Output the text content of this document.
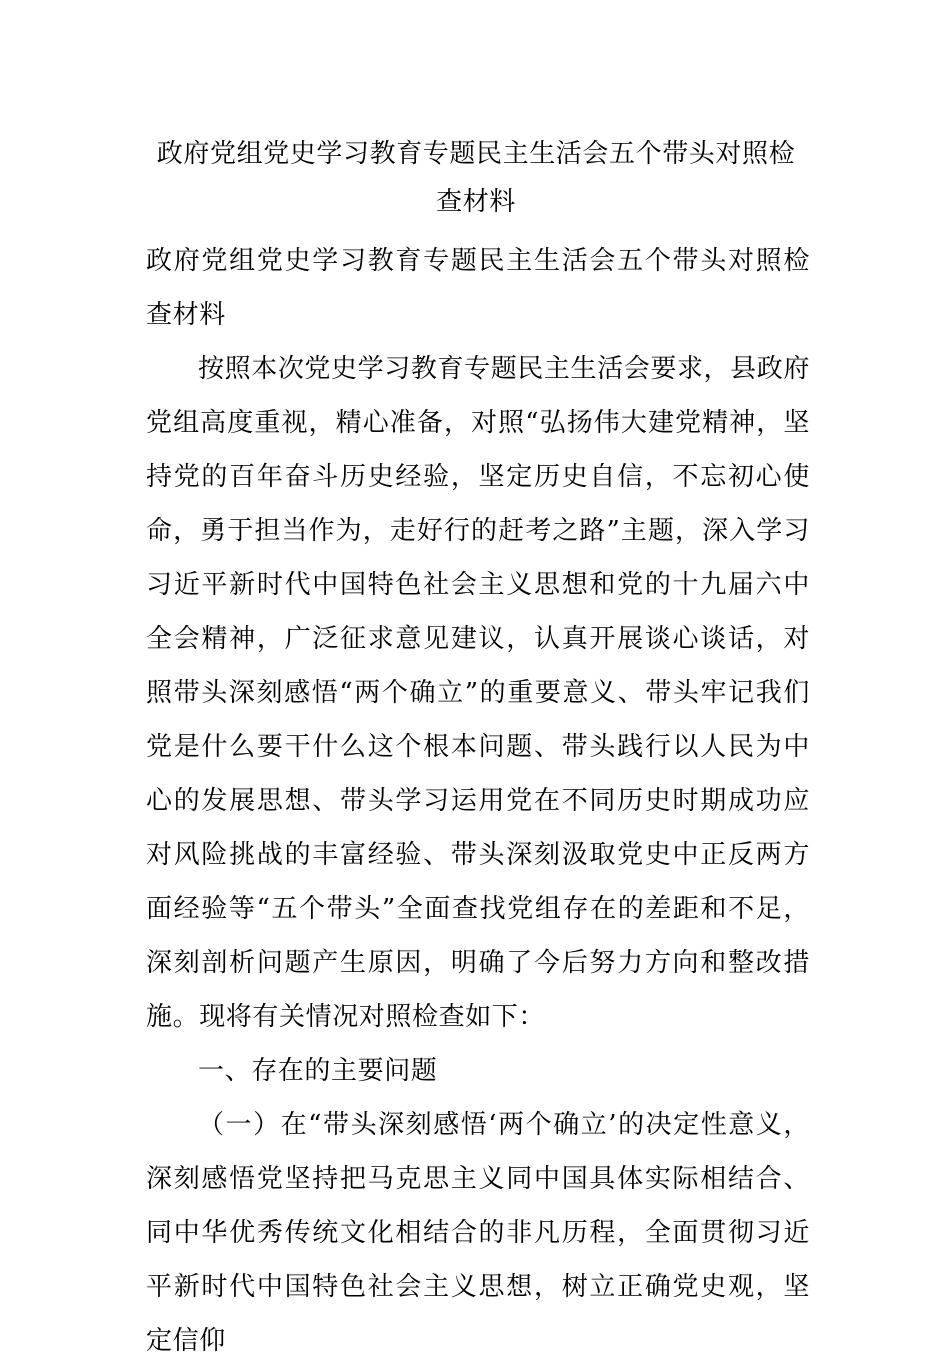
政府党组党史学习教育专题民主生活会五个带头对照检查材料

政府党组党史学习教育专题民主生活会五个带头对照检查材料

按照本次党史学习教育专题民主生活会要求，县政府党组高度重视，精心准备，对照“弘扬伟大建党精神，坚持党的百年奋斗历史经验，坚定历史自信，不忘初心使命，勇于担当作为，走好行的赶考之路”主题，深入学习习近平新时代中国特色社会主义思想和党的十九届六中全会精神，广泛征求意见建议，认真开展谈心谈话，对照带头深刻感悟“两个确立”的重要意义、带头牢记我们党是什么要干什么这个根本问题、带头践行以人民为中心的发展思想、带头学习运用党在不同历史时期成功应对风险挑战的丰富经验、带头深刻汲取党史中正反两方面经验等“五个带头”全面查找党组存在的差距和不足，深刻剖析问题产生原因，明确了今后努力方向和整改措施。现将有关情况对照检查如下：

一、存在的主要问题

（一）在“带头深刻感悟‘两个确立’的决定性意义，深刻感悟党坚持把马克思主义同中国具体实际相结合、同中华优秀传统文化相结合的非凡历程，全面贯彻习近平新时代中国特色社会主义思想，树立正确党史观，坚定信仰
